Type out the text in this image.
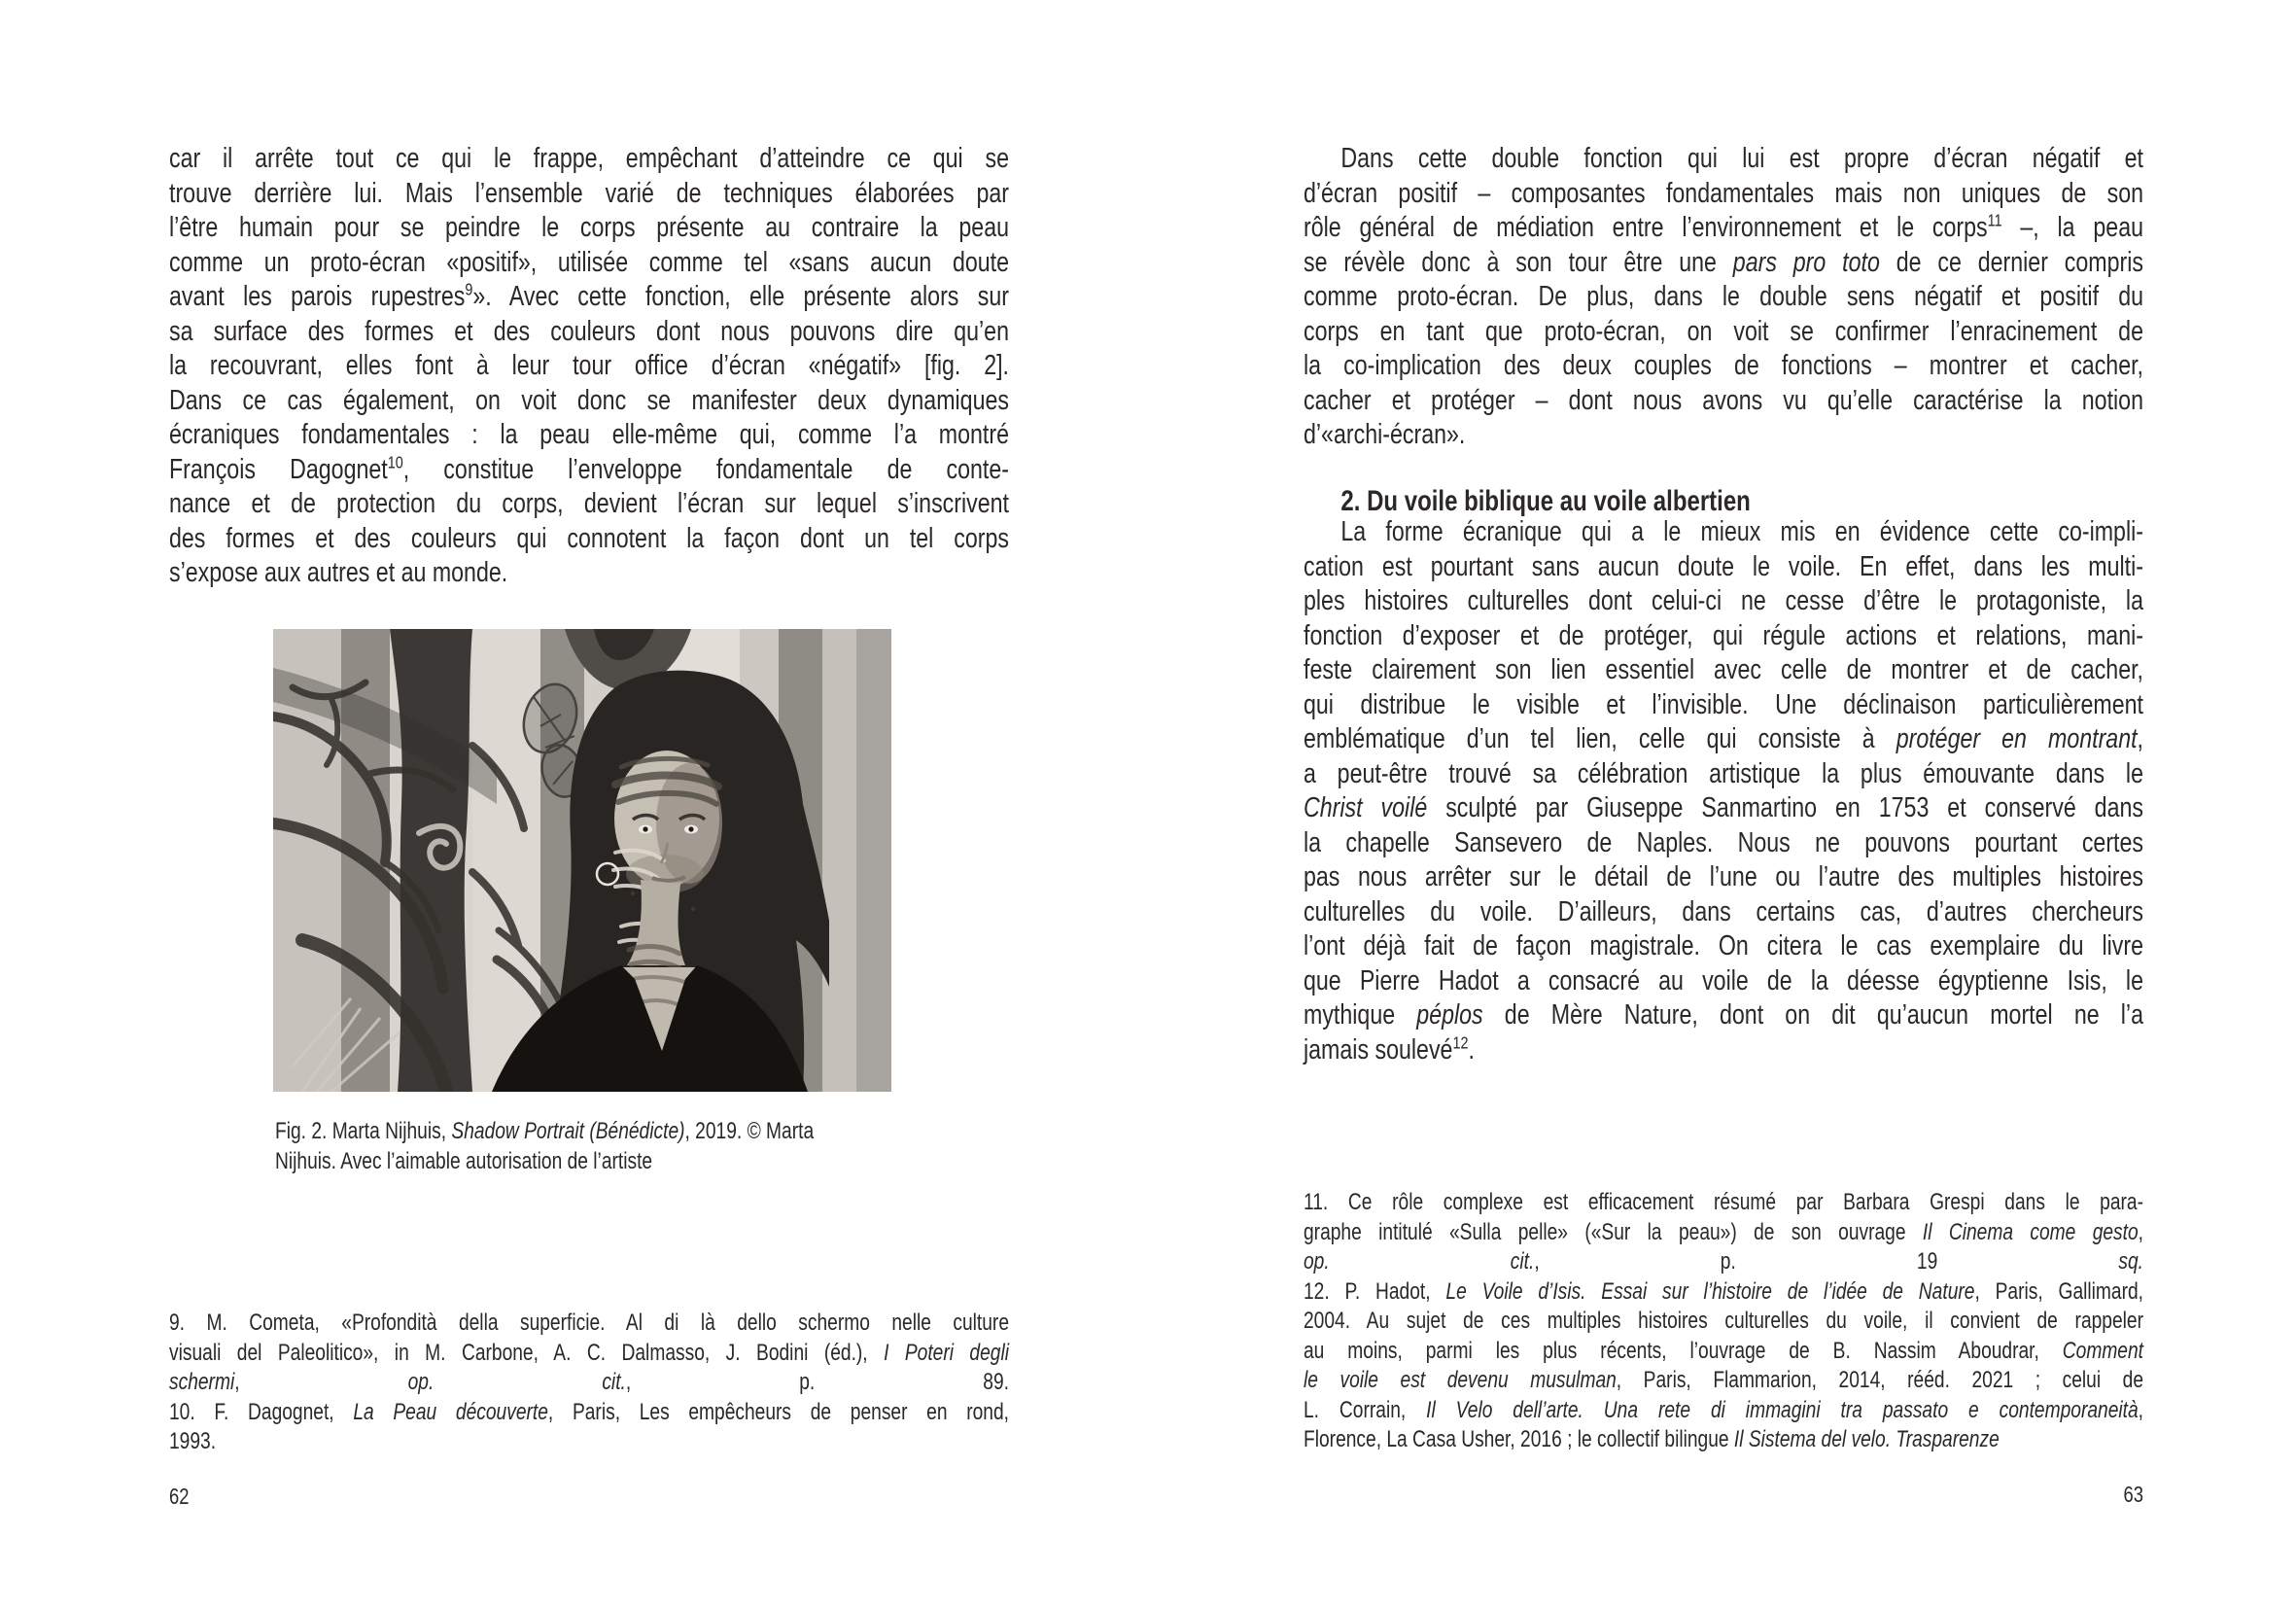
car il arrête tout ce qui le frappe, empêchant d’atteindre ce qui se
trouve derrière lui. Mais l’ensemble varié de techniques élaborées par
l’être humain pour se peindre le corps présente au contraire la peau
comme un proto-écran «positif», utilisée comme tel «sans aucun doute
avant les parois rupestres$^9$». Avec cette fonction, elle présente alors sur
sa surface des formes et des couleurs dont nous pouvons dire qu’en
la recouvrant, elles font à leur tour office d’écran «négatif» [fig. 2].
Dans ce cas également, on voit donc se manifester deux dynamiques
écraniques fondamentales : la peau elle-même qui, comme l’a montré
François Dagognet$^{10}$, constitue l’enveloppe fondamentale de conte-
nance et de protection du corps, devient l’écran sur lequel s’inscrivent
des formes et des couleurs qui connotent la façon dont un tel corps
s’expose aux autres et au monde.
Fig. 2. Marta Nijhuis, Shadow Portrait (Bénédicte), 2019. © Marta
Nijhuis. Avec l’aimable autorisation de l’artiste
9. M. Cometa, «Profondità della superficie. Al di là dello schermo nelle culture
visuali del Paleolitico», in M. Carbone, A. C. Dalmasso, J. Bodini (éd.), I Poteri degli
schermi, op. cit., p. 89.
10. F. Dagognet, La Peau découverte, Paris, Les empêcheurs de penser en rond,
1993.
62
Dans cette double fonction qui lui est propre d’écran négatif et
d’écran positif – composantes fondamentales mais non uniques de son
rôle général de médiation entre l’environnement et le corps$^{11}$ –, la peau
se révèle donc à son tour être une pars pro toto de ce dernier compris
comme proto-écran. De plus, dans le double sens négatif et positif du
corps en tant que proto-écran, on voit se confirmer l’enracinement de
la co-implication des deux couples de fonctions – montrer et cacher,
cacher et protéger – dont nous avons vu qu’elle caractérise la notion
d’«archi-écran».
2. Du voile biblique au voile albertien
La forme écranique qui a le mieux mis en évidence cette co-impli-
cation est pourtant sans aucun doute le voile. En effet, dans les multi-
ples histoires culturelles dont celui-ci ne cesse d’être le protagoniste, la
fonction d’exposer et de protéger, qui régule actions et relations, mani-
feste clairement son lien essentiel avec celle de montrer et de cacher,
qui distribue le visible et l’invisible. Une déclinaison particulièrement
emblématique d’un tel lien, celle qui consiste à protéger en montrant,
a peut-être trouvé sa célébration artistique la plus émouvante dans le
Christ voilé sculpté par Giuseppe Sanmartino en 1753 et conservé dans
la chapelle Sansevero de Naples. Nous ne pouvons pourtant certes
pas nous arrêter sur le détail de l’une ou l’autre des multiples histoires
culturelles du voile. D’ailleurs, dans certains cas, d’autres chercheurs
l’ont déjà fait de façon magistrale. On citera le cas exemplaire du livre
que Pierre Hadot a consacré au voile de la déesse égyptienne Isis, le
mythique péplos de Mère Nature, dont on dit qu’aucun mortel ne l’a
jamais soulevé$^{12}$.
11. Ce rôle complexe est efficacement résumé par Barbara Grespi dans le para-
graphe intitulé «Sulla pelle» («Sur la peau») de son ouvrage Il Cinema come gesto,
op. cit., p. 19 sq.
12. P. Hadot, Le Voile d’Isis. Essai sur l’histoire de l’idée de Nature, Paris, Gallimard,
2004. Au sujet de ces multiples histoires culturelles du voile, il convient de rappeler
au moins, parmi les plus récents, l’ouvrage de B. Nassim Aboudrar, Comment
le voile est devenu musulman, Paris, Flammarion, 2014, rééd. 2021 ; celui de
L. Corrain, Il Velo dell’arte. Una rete di immagini tra passato e contemporaneità,
Florence, La Casa Usher, 2016 ; le collectif bilingue Il Sistema del velo. Trasparenze
63
